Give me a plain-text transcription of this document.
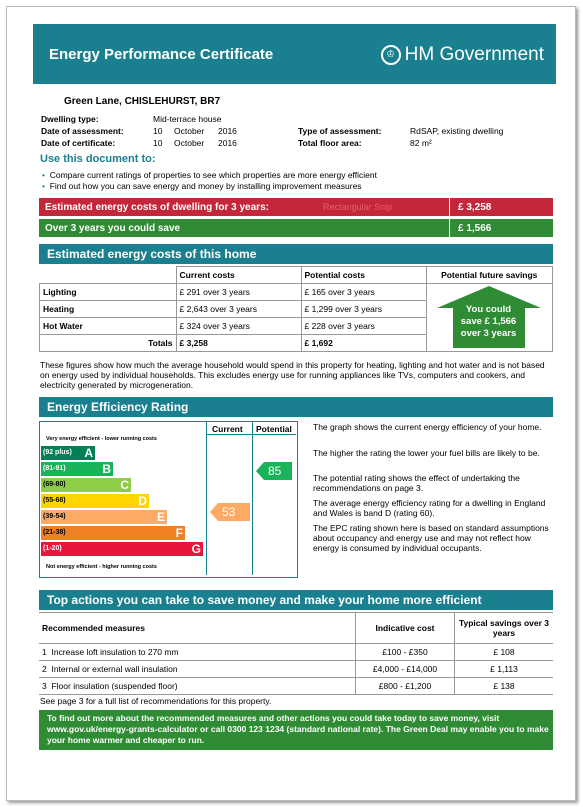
Energy Performance Certificate	♔ HM Government
Green Lane, CHISLEHURST, BR7
Dwelling type:	Mid-terrace house
Date of assessment:	10 October 2016
Date of certificate:	10 October 2016
Type of assessment:	RdSAP, existing dwelling
Total floor area:	82 m²
Use this document to:
• Compare current ratings of properties to see which properties are more energy efficient
• Find out how you can save energy and money by installing improvement measures
Estimated energy costs of dwelling for 3 years:	Rectangular Snip	£ 3,258
Over 3 years you could save	£ 1,566
Estimated energy costs of this home
	Current costs	Potential costs	Potential future savings
Lighting	£ 291 over 3 years	£ 165 over 3 years	You could
save £ 1,566
over 3 years

Heating	£ 2,643 over 3 years	£ 1,299 over 3 years	
Hot Water	£ 324 over 3 years	£ 228 over 3 years	
Totals	£ 3,258	£ 1,692	
These figures show how much the average household would spend in this property for heating, lighting and hot water and is not based on energy used by individual households. This excludes energy use for running appliances like TVs, computers and cookers, and electricity generated by microgeneration.
Energy Efficiency Rating
Current Potential
Very energy efficient - lower running costs
Not energy efficient - higher running costs
(92 plus) A
(81-91)	B
(69-80)	C
(55-68)	D
(39-54)	E
(21-38)	F
(1-20)	G
53
85
The graph shows the current energy efficiency of your home.
The higher the rating the lower your fuel bills are likely to be.
The potential rating shows the effect of undertaking the recommendations on page 3.
The average energy efficiency rating for a dwelling in England and Wales is band D (rating 60).
The EPC rating shown here is based on standard assumptions about occupancy and energy use and may not reflect how energy is consumed by individual occupants.
Top actions you can take to save money and make your home more efficient
Recommended measures	Indicative cost	Typical savings over 3 years
1 Increase loft insulation to 270 mm	£100 - £350	£ 108
2 Internal or external wall insulation	£4,000 - £14,000	£ 1,113
3 Floor insulation (suspended floor)	£800 - £1,200	£ 138
See page 3 for a full list of recommendations for this property.
To find out more about the recommended measures and other actions you could take today to save money, visit www.gov.uk/energy-grants-calculator or call 0300 123 1234 (standard national rate). The Green Deal may enable you to make your home warmer and cheaper to run.
